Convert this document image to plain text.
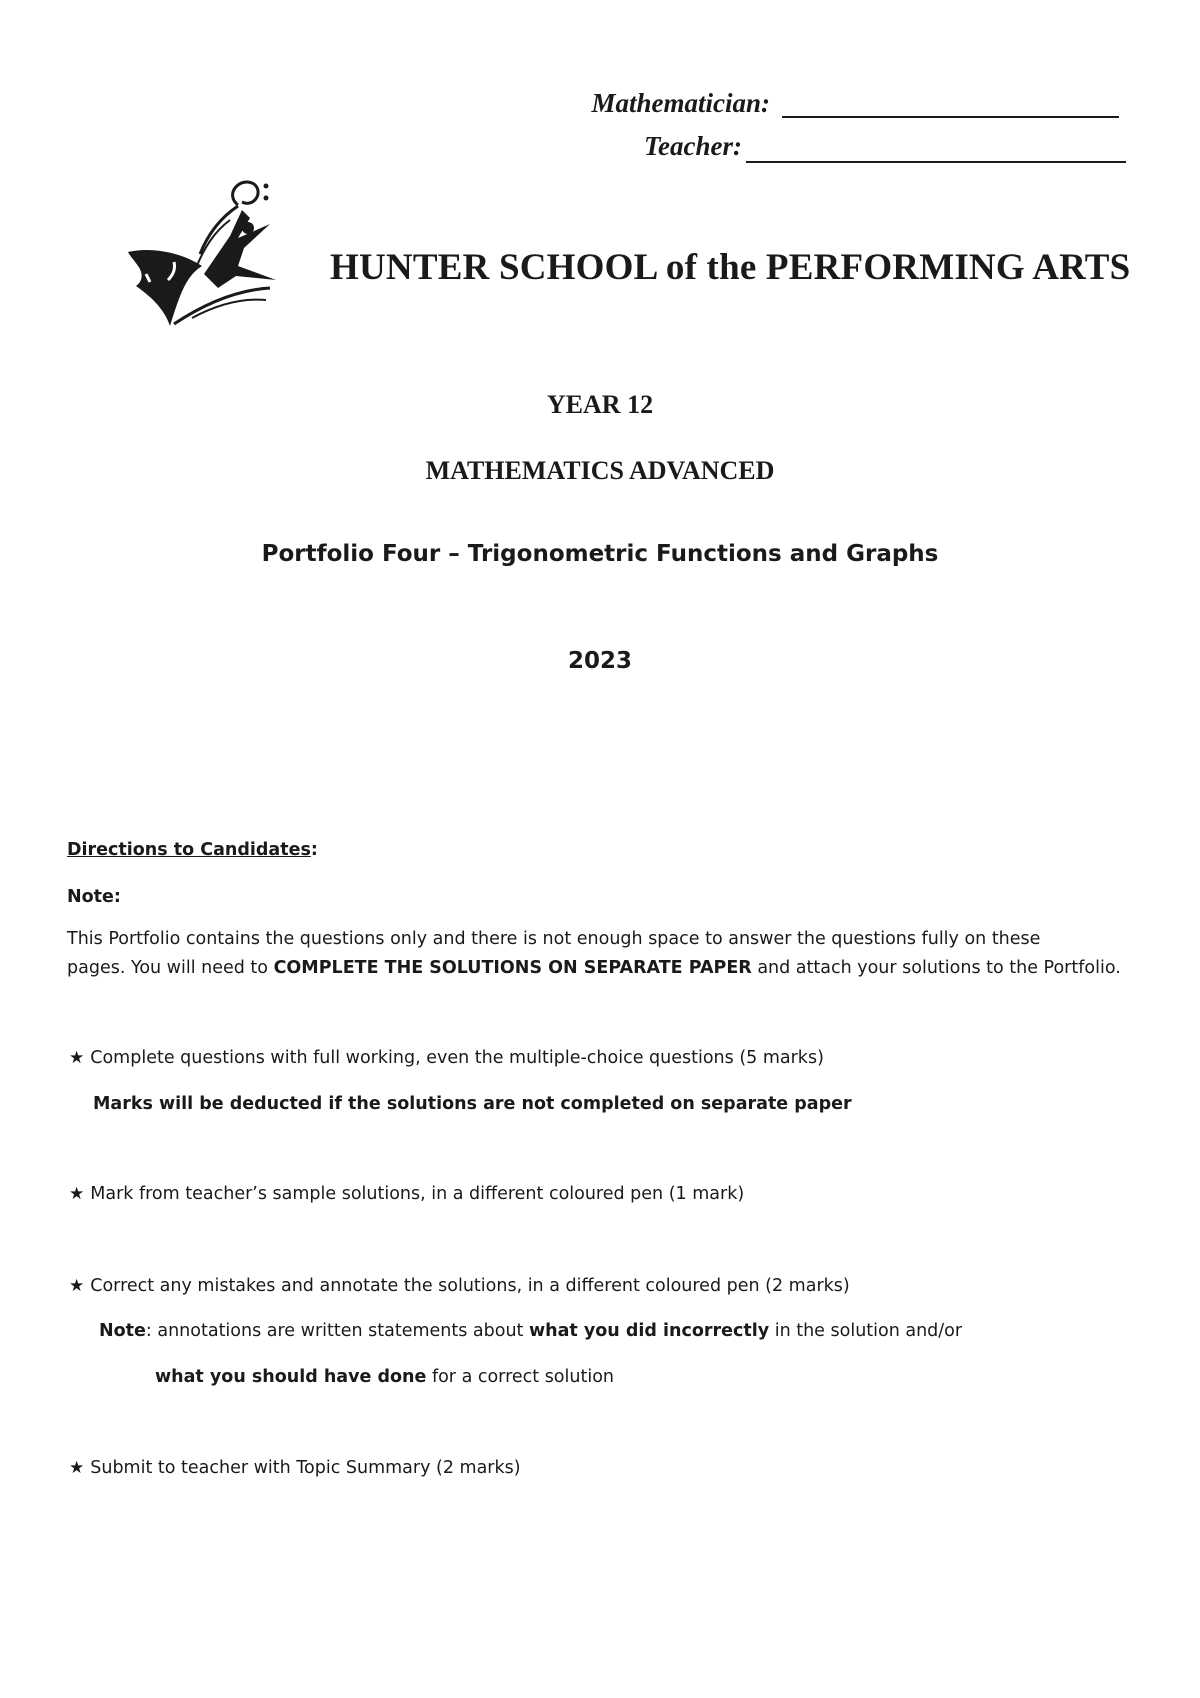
Mathematician:
Teacher:
HUNTER SCHOOL of the PERFORMING ARTS
YEAR 12
MATHEMATICS ADVANCED
Portfolio Four – Trigonometric Functions and Graphs
2023
Directions to Candidates:
Note:
This Portfolio contains the questions only and there is not enough space to answer the questions fully on these
pages. You will need to COMPLETE THE SOLUTIONS ON SEPARATE PAPER and attach your solutions to the Portfolio.
★ Complete questions with full working, even the multiple-choice questions (5 marks)
Marks will be deducted if the solutions are not completed on separate paper
★ Mark from teacher’s sample solutions, in a different coloured pen (1 mark)
★ Correct any mistakes and annotate the solutions, in a different coloured pen (2 marks)
Note: annotations are written statements about what you did incorrectly in the solution and/or
what you should have done for a correct solution
★ Submit to teacher with Topic Summary (2 marks)
